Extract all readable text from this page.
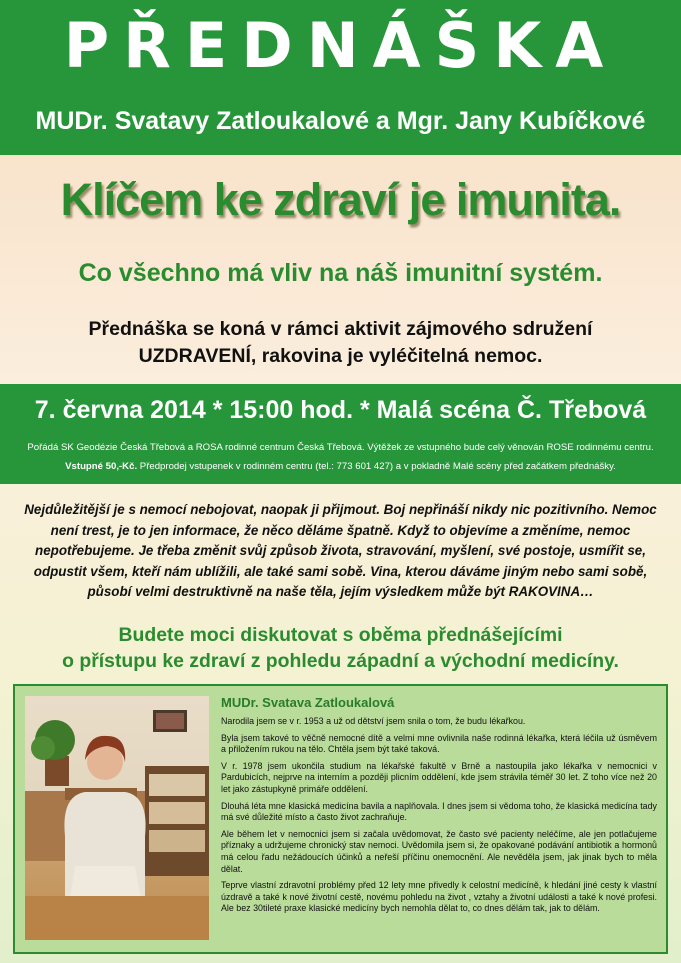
PŘEDNÁŠKA
MUDr. Svatavy Zatloukalové a Mgr. Jany Kubíčkové
Klíčem ke zdraví je imunita.
Co všechno má vliv na náš imunitní systém.
Přednáška se koná v rámci aktivit zájmového sdružení
UZDRAVENÍ, rakovina je vyléčitelná nemoc.
7. června 2014 * 15:00 hod. * Malá scéna Č. Třebová
Pořádá SK Geodézie Česká Třebová a ROSA rodinné centrum Česká Třebová. Výtěžek ze vstupného bude celý věnován ROSE rodinnému centru.
Vstupné 50,-Kč. Předprodej vstupenek v rodinném centru (tel.: 773 601 427) a v pokladně Malé scény před začátkem přednášky.
Nejdůležitější je s nemocí nebojovat, naopak ji přijmout. Boj nepřináší nikdy nic pozitivního. Nemoc
není trest, je to jen informace, že něco děláme špatně. Když to objevíme a změníme, nemoc
nepotřebujeme. Je třeba změnit svůj způsob života, stravování, myšlení, své postoje, usmířit se,
odpustit všem, kteří nám ublížili, ale také sami sobě. Vina, kterou dáváme jiným nebo sami sobě,
působí velmi destruktivně na naše těla, jejím výsledkem může být RAKOVINA…
Budete moci diskutovat s oběma přednášejícími
o přístupu ke zdraví z pohledu západní a východní medicíny.
MUDr. Svatava Zatloukalová

Narodila jsem se v r. 1953 a už od dětství jsem snila o tom, že budu lékařkou.

Byla jsem takové to věčně nemocné dítě a velmi mne ovlivnila naše rodinná lékařka, která léčila už úsměvem a přiložením rukou na tělo. Chtěla jsem být také taková.

V r. 1978 jsem ukončila studium na lékařské fakultě v Brně a nastoupila jako lékařka v nemocnici v Pardubicích, nejprve na interním a později plicním oddělení, kde jsem strávila téměř 30 let. Z toho více než 20 let jako zástupkyně primáře oddělení.

Dlouhá léta mne klasická medicína bavila a naplňovala. I dnes jsem si vědoma toho, že klasická medicína tady má své důležité místo a často život zachraňuje.

Ale během let v nemocnici jsem si začala uvědomovat, že často své pacienty neléčíme, ale jen potlačujeme příznaky a udržujeme chronický stav nemoci. Uvědomila jsem si, že opakované podávání antibiotik a hormonů má celou řadu nežádoucích účinků a neřeší příčinu onemocnění. Ale nevěděla jsem, jak jinak bych to měla dělat.

Teprve vlastní zdravotní problémy před 12 lety mne přivedly k celostní medicíně, k hledání jiné cesty k vlastní úzdravě a také k nové životní cestě, novému pohledu na život , vztahy a životní události a také k nové profesi. Ale bez 30tileté praxe klasické medicíny bych nemohla dělat to, co dnes dělám tak, jak to dělám.
